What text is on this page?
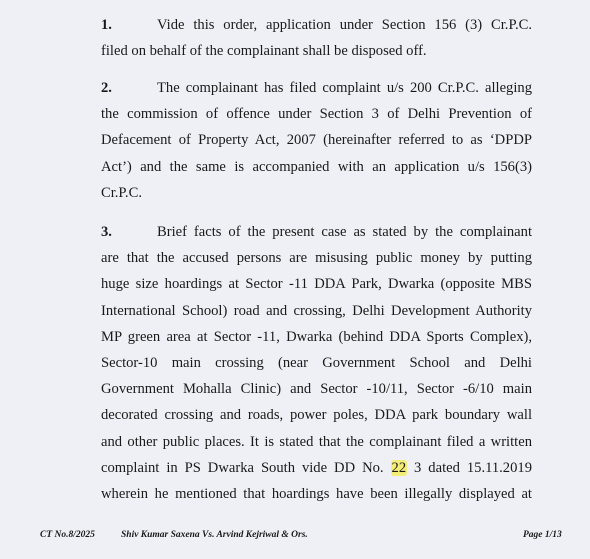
1.	Vide this order, application under Section 156 (3) Cr.P.C.
filed on behalf of the complainant shall be disposed off.
2.	The complainant has filed complaint u/s 200 Cr.P.C. alleging
the commission of offence under Section 3 of Delhi Prevention of
Defacement of Property Act, 2007 (hereinafter referred to as ‘DPDP
Act’) and the same is accompanied with an application u/s 156(3)
Cr.P.C.
3.	Brief facts of the present case as stated by the complainant
are that the accused persons are misusing public money by putting
huge size hoardings at Sector -11 DDA Park, Dwarka (opposite MBS
International School) road and crossing, Delhi Development Authority
MP green area at Sector -11, Dwarka (behind DDA Sports Complex),
Sector-10 main crossing (near Government School and Delhi
Government Mohalla Clinic) and Sector -10/11, Sector -6/10 main
decorated crossing and roads, power poles, DDA park boundary wall
and other public places. It is stated that the complainant filed a written
complaint in PS Dwarka South vide DD No. 22 3 dated 15.11.2019
wherein he mentioned that hoardings have been illegally displayed at
CT No.8/2025	Shiv Kumar Saxena Vs. Arvind Kejriwal & Ors.	Page 1/13
